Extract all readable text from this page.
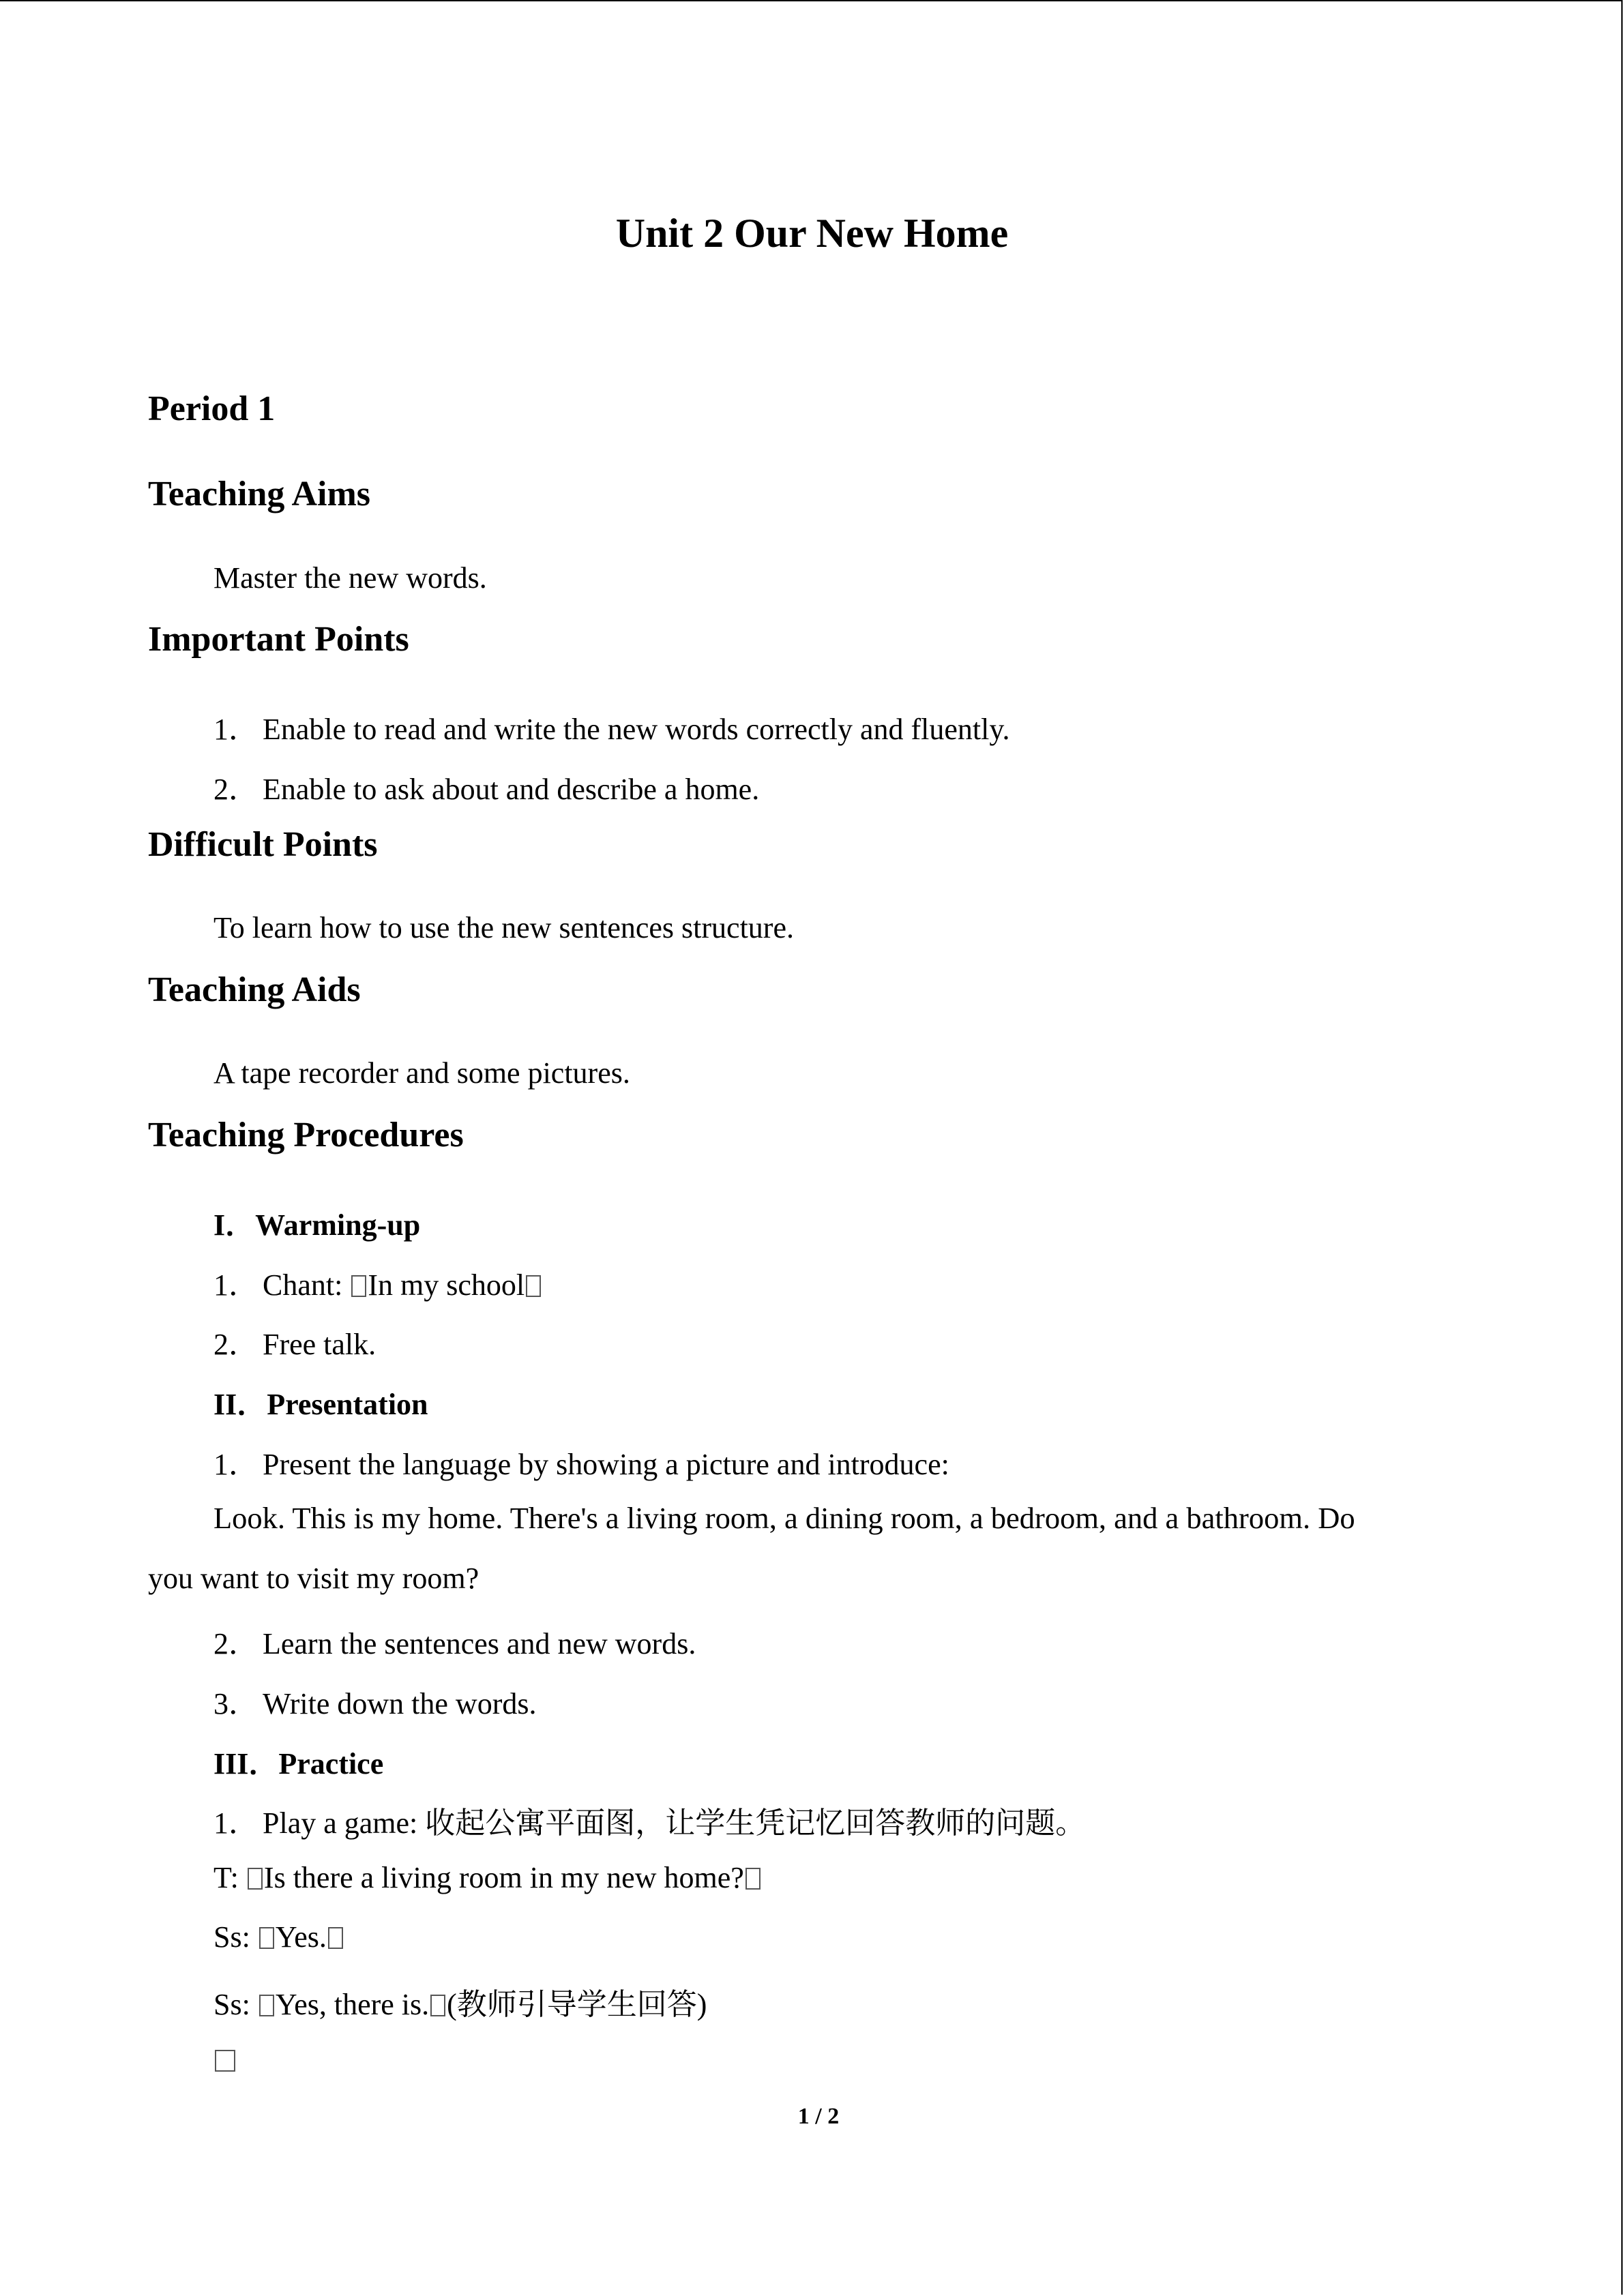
Unit 2 Our New Home
Period 1
Teaching Aims
Master the new words.
Important Points
1． Enable to read and write the new words correctly and fluently.
2． Enable to ask about and describe a home.
Difficult Points
To learn how to use the new sentences structure.
Teaching Aids
A tape recorder and some pictures.
Teaching Procedures
I．Warming-up
1． Chant: In my school
2． Free talk.
II．Presentation
1． Present the language by showing a picture and introduce:
Look. This is my home. There's a living room, a dining room, a bedroom, and a bathroom. Do
you want to visit my room?
2． Learn the sentences and new words.
3． Write down the words.
III．Practice
1． Play a game: 收起公寓平面图，让学生凭记忆回答教师的问题。
T: Is there a living room in my new home?
Ss: Yes.
Ss: Yes, there is. (教师引导学生回答)
1 / 2
